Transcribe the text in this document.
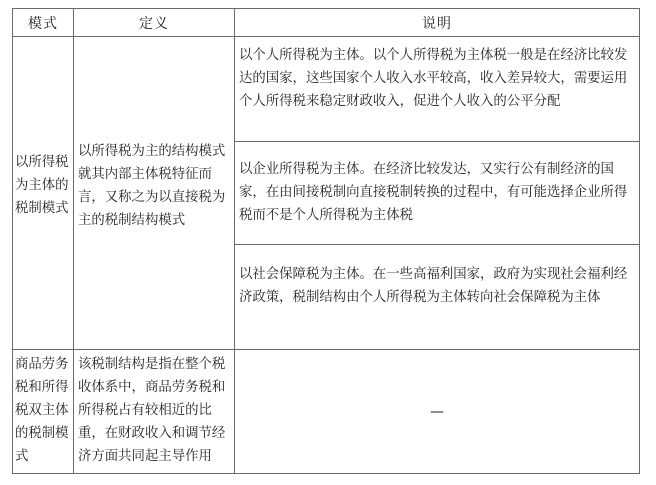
模式	定义	说明
以所得税为主体的税制模式
以所得税为主的结构模式就其内部主体税特征而言，又称之为以直接税为主的税制结构模式
以个人所得税为主体。以个人所得税为主体税一般是在经济比较发达的国家，这些国家个人收入水平较高，收入差异较大，需要运用个人所得税来稳定财政收入，促进个人收入的公平分配
以企业所得税为主体。在经济比较发达，又实行公有制经济的国家，在由间接税制向直接税制转换的过程中，有可能选择企业所得税而不是个人所得税为主体税
以社会保障税为主体。在一些高福利国家，政府为实现社会福利经济政策，税制结构由个人所得税为主体转向社会保障税为主体
商品劳务税和所得税双主体的税制模式
该税制结构是指在整个税收体系中，商品劳务税和所得税占有较相近的比重，在财政收入和调节经济方面共同起主导作用
—
